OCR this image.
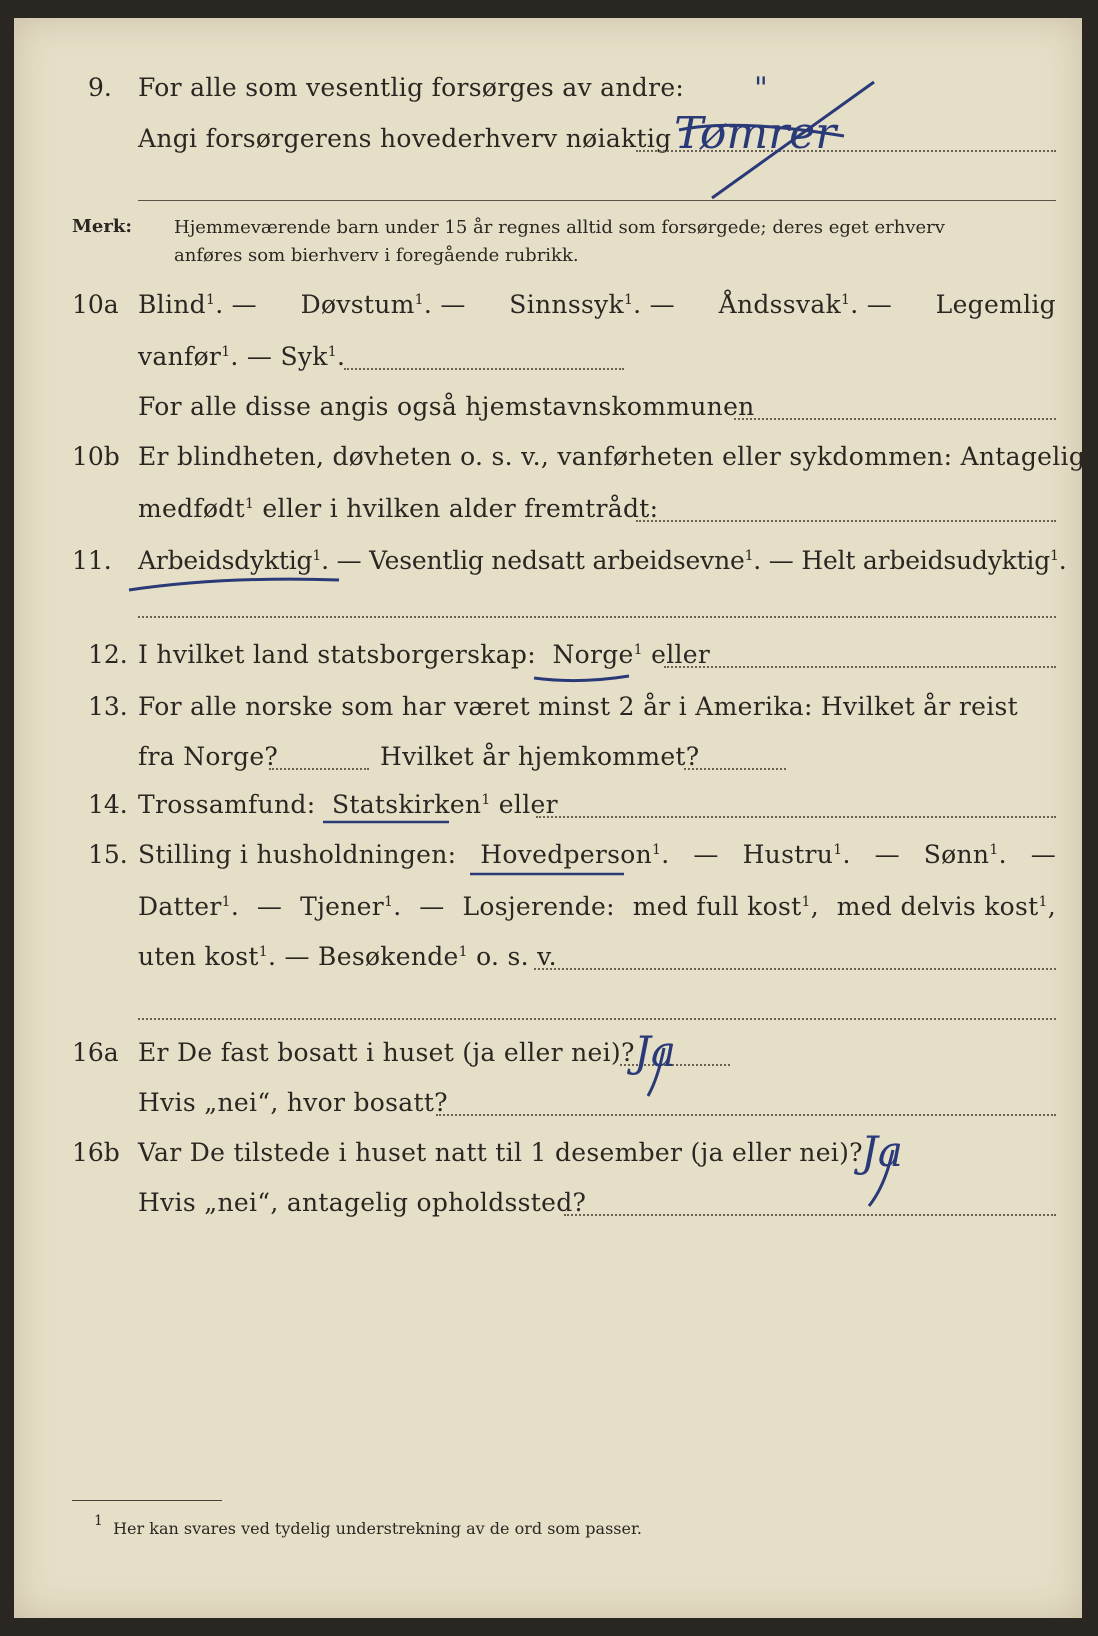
9. For alle som vesentlig forsørges av andre:
Angi forsørgerens hovederhverv nøiaktig Tømrer
"
Merk: Hjemmeværende barn under 15 år regnes alltid som forsørgede; deres eget erhverv
anføres som bierhverv i foregående rubrikk.
10a Blind$^1$. — Døvstum$^1$. — Sinnssyk$^1$. — Åndssvak$^1$. — Legemlig
vanfør$^1$. — Syk$^1$.
For alle disse angis også hjemstavnskommunen
10b Er blindheten, døvheten o. s. v., vanførheten eller sykdommen: Antagelig
medfødt$^1$ eller i hvilken alder fremtrådt:
11. Arbeidsdyktig$^1$. — Vesentlig nedsatt arbeidsevne$^1$. — Helt arbeidsudyktig$^1$.
12. I hvilket land statsborgerskap: Norge$^1$ eller
13. For alle norske som har været minst 2 år i Amerika: Hvilket år reist
fra Norge?	Hvilket år hjemkommet?
14. Trossamfund: Statskirken$^1$ eller
15. Stilling i husholdningen: Hovedperson$^1$. — Hustru$^1$. — Sønn$^1$. —
Datter$^1$. — Tjener$^1$. — Losjerende: med full kost$^1$, med delvis kost$^1$,
uten kost$^1$. — Besøkende$^1$ o. s. v.
16a Er De fast bosatt i huset (ja eller nei)? Ja
Hvis „nei“, hvor bosatt?
16b Var De tilstede i huset natt til 1 desember (ja eller nei)?
Ja
Hvis „nei“, antagelig opholdssted?
$^1$ Her kan svares ved tydelig understrekning av de ord som passer.
